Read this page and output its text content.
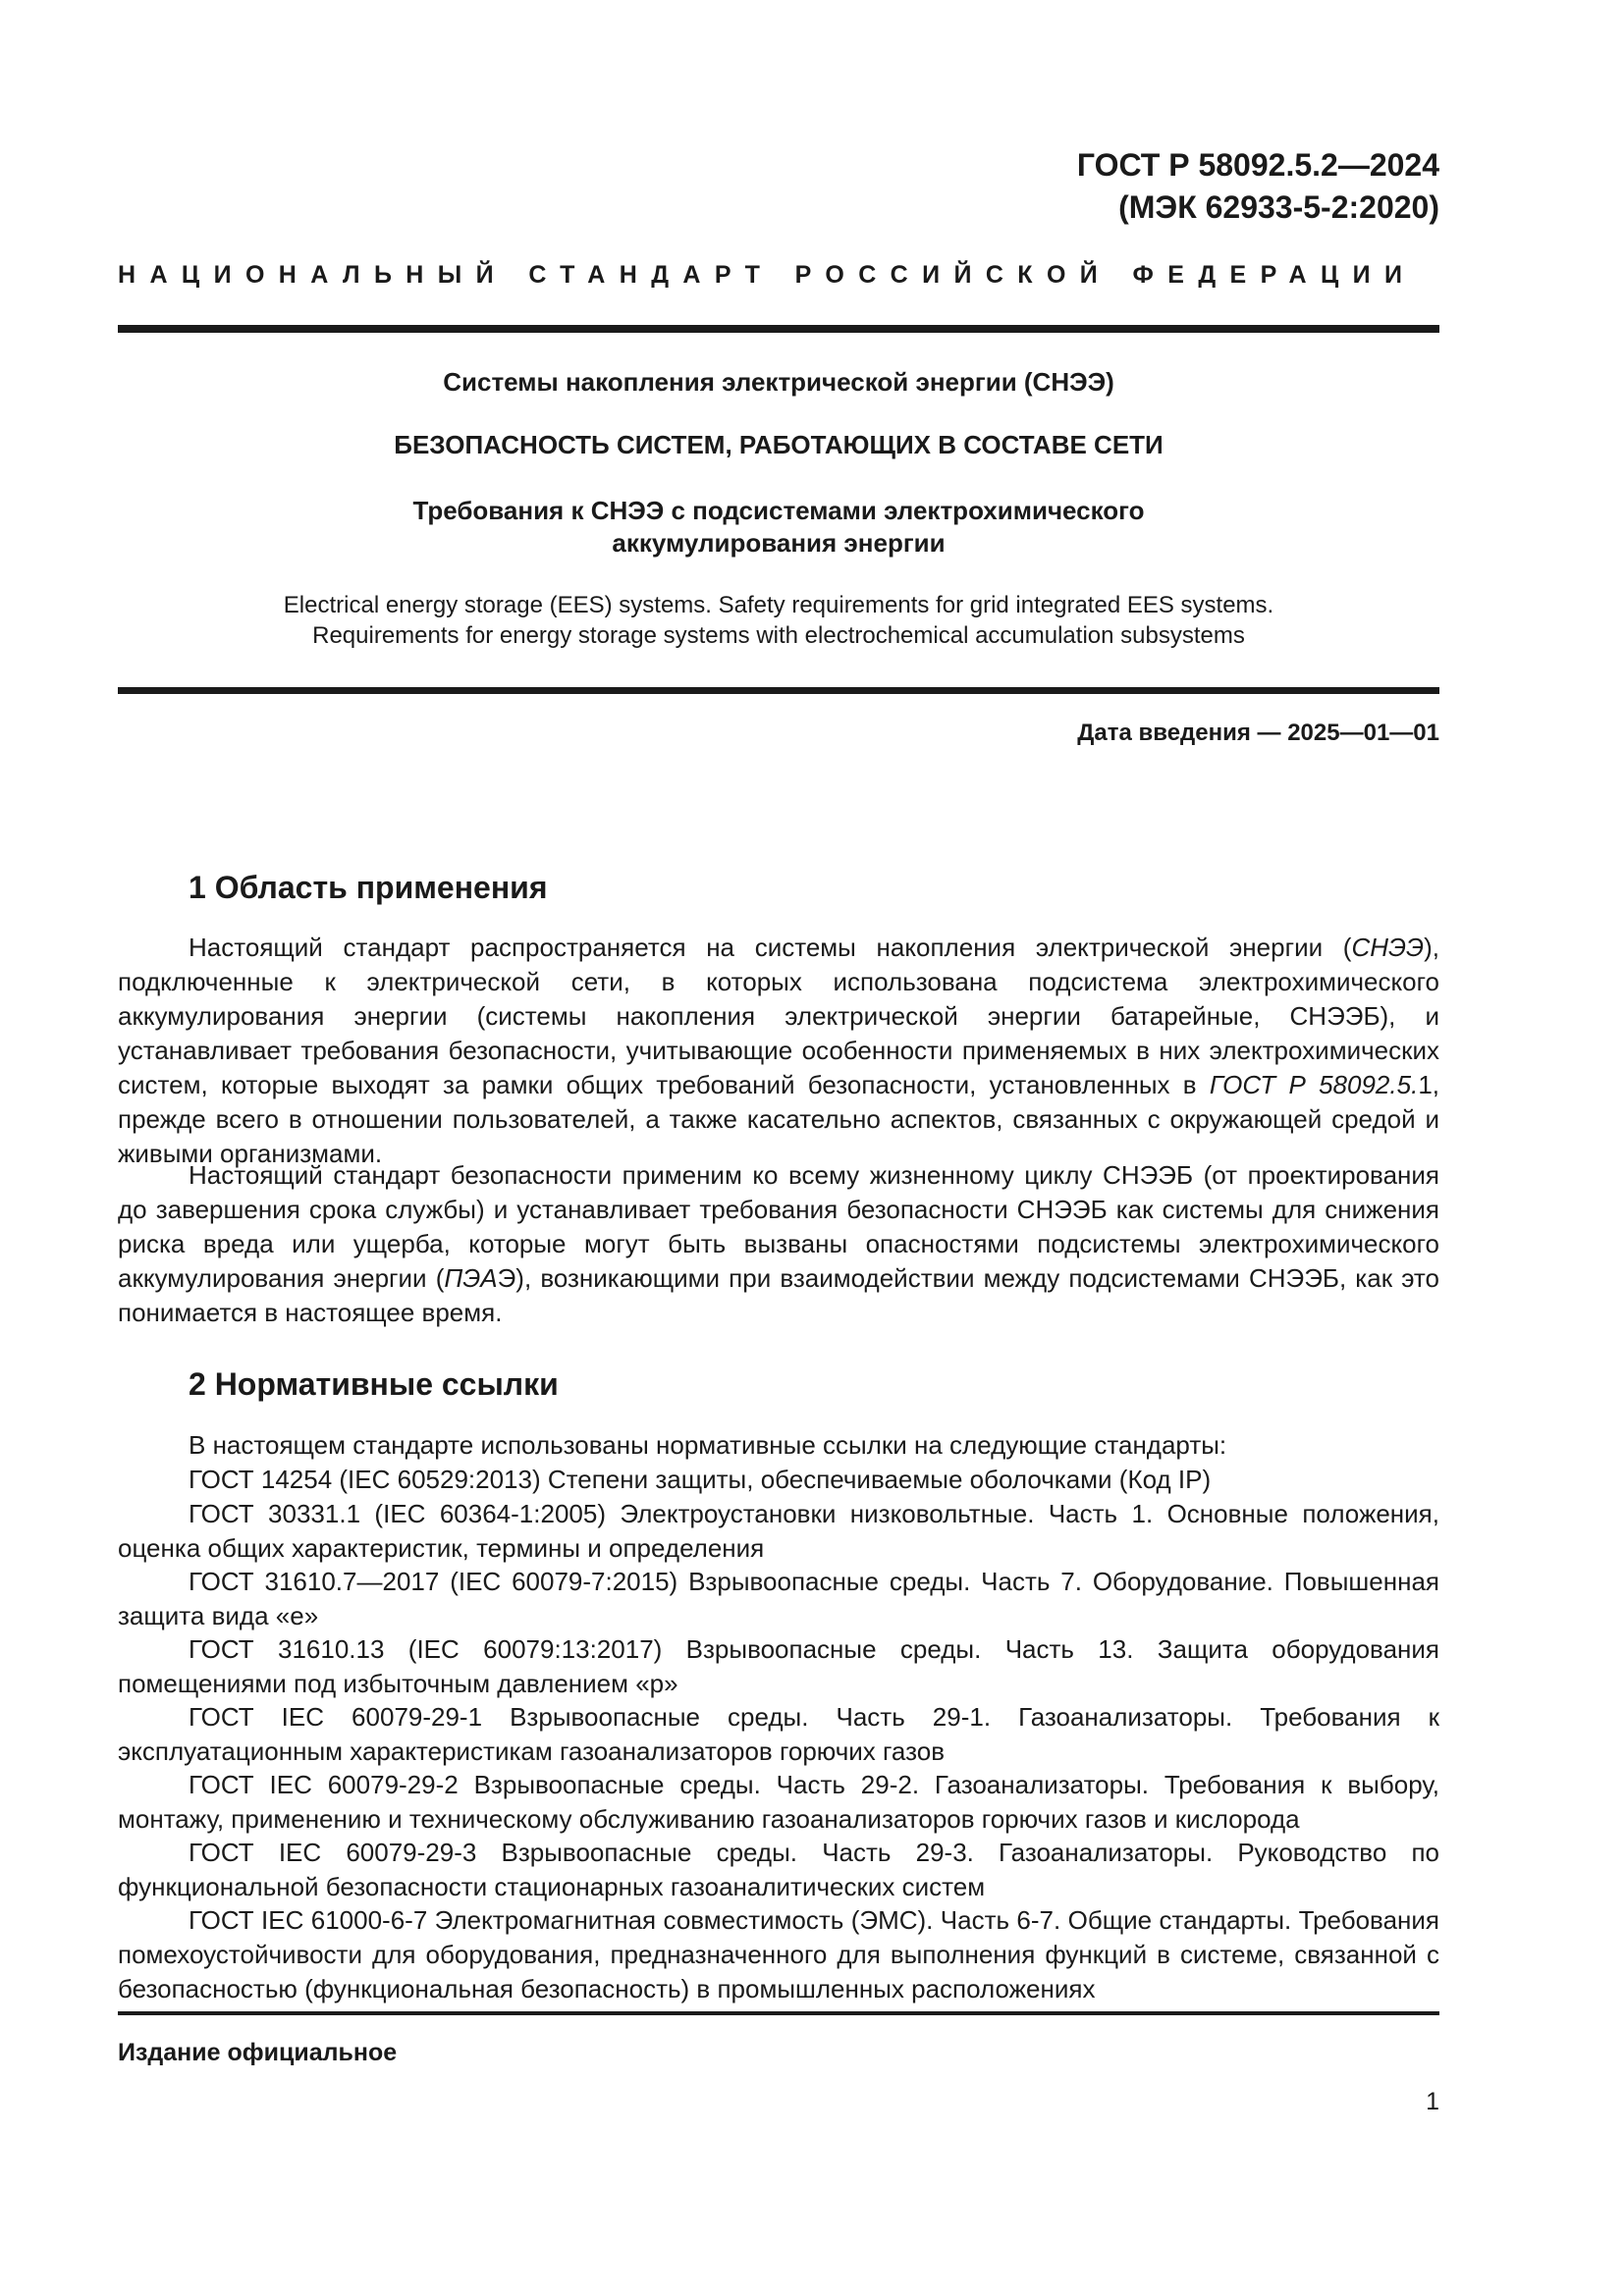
ГОСТ Р 58092.5.2—2024
(МЭК 62933-5-2:2020)
НАЦИОНАЛЬНЫЙ СТАНДАРТ РОССИЙСКОЙ ФЕДЕРАЦИИ
Системы накопления электрической энергии (СНЭЭ)
БЕЗОПАСНОСТЬ СИСТЕМ, РАБОТАЮЩИХ В СОСТАВЕ СЕТИ
Требования к СНЭЭ с подсистемами электрохимического
аккумулирования энергии
Electrical energy storage (EES) systems. Safety requirements for grid integrated EES systems.
Requirements for energy storage systems with electrochemical accumulation subsystems
Дата введения — 2025—01—01
1 Область применения

Настоящий стандарт распространяется на системы накопления электрической энергии (СНЭЭ), подключенные к электрической сети, в которых использована подсистема электрохимического аккумулирования энергии (системы накопления электрической энергии батарейные, СНЭЭБ), и устанавливает требования безопасности, учитывающие особенности применяемых в них электрохимических систем, которые выходят за рамки общих требований безопасности, установленных в ГОСТ Р 58092.5.1, прежде всего в отношении пользователей, а также касательно аспектов, связанных с окружающей средой и живыми организмами.

Настоящий стандарт безопасности применим ко всему жизненному циклу СНЭЭБ (от проектирования до завершения срока службы) и устанавливает требования безопасности СНЭЭБ как системы для снижения риска вреда или ущерба, которые могут быть вызваны опасностями подсистемы электрохимического аккумулирования энергии (ПЭАЭ), возникающими при взаимодействии между подсистемами СНЭЭБ, как это понимается в настоящее время.

2 Нормативные ссылки

В настоящем стандарте использованы нормативные ссылки на следующие стандарты:

ГОСТ 14254 (IEC 60529:2013) Степени защиты, обеспечиваемые оболочками (Код IP)

ГОСТ 30331.1 (IEC 60364-1:2005) Электроустановки низковольтные. Часть 1. Основные положения, оценка общих характеристик, термины и определения

ГОСТ 31610.7—2017 (IEC 60079-7:2015) Взрывоопасные среды. Часть 7. Оборудование. Повышенная защита вида «е»

ГОСТ 31610.13 (IEC 60079:13:2017) Взрывоопасные среды. Часть 13. Защита оборудования помещениями под избыточным давлением «р»

ГОСТ IEC 60079-29-1 Взрывоопасные среды. Часть 29-1. Газоанализаторы. Требования к эксплуатационным характеристикам газоанализаторов горючих газов

ГОСТ IEC 60079-29-2 Взрывоопасные среды. Часть 29-2. Газоанализаторы. Требования к выбору, монтажу, применению и техническому обслуживанию газоанализаторов горючих газов и кислорода

ГОСТ IEC 60079-29-3 Взрывоопасные среды. Часть 29-3. Газоанализаторы. Руководство по функциональной безопасности стационарных газоаналитических систем

ГОСТ IEC 61000-6-7 Электромагнитная совместимость (ЭМС). Часть 6-7. Общие стандарты. Требования помехоустойчивости для оборудования, предназначенного для выполнения функций в системе, связанной с безопасностью (функциональная безопасность) в промышленных расположениях

Издание официальное
1
